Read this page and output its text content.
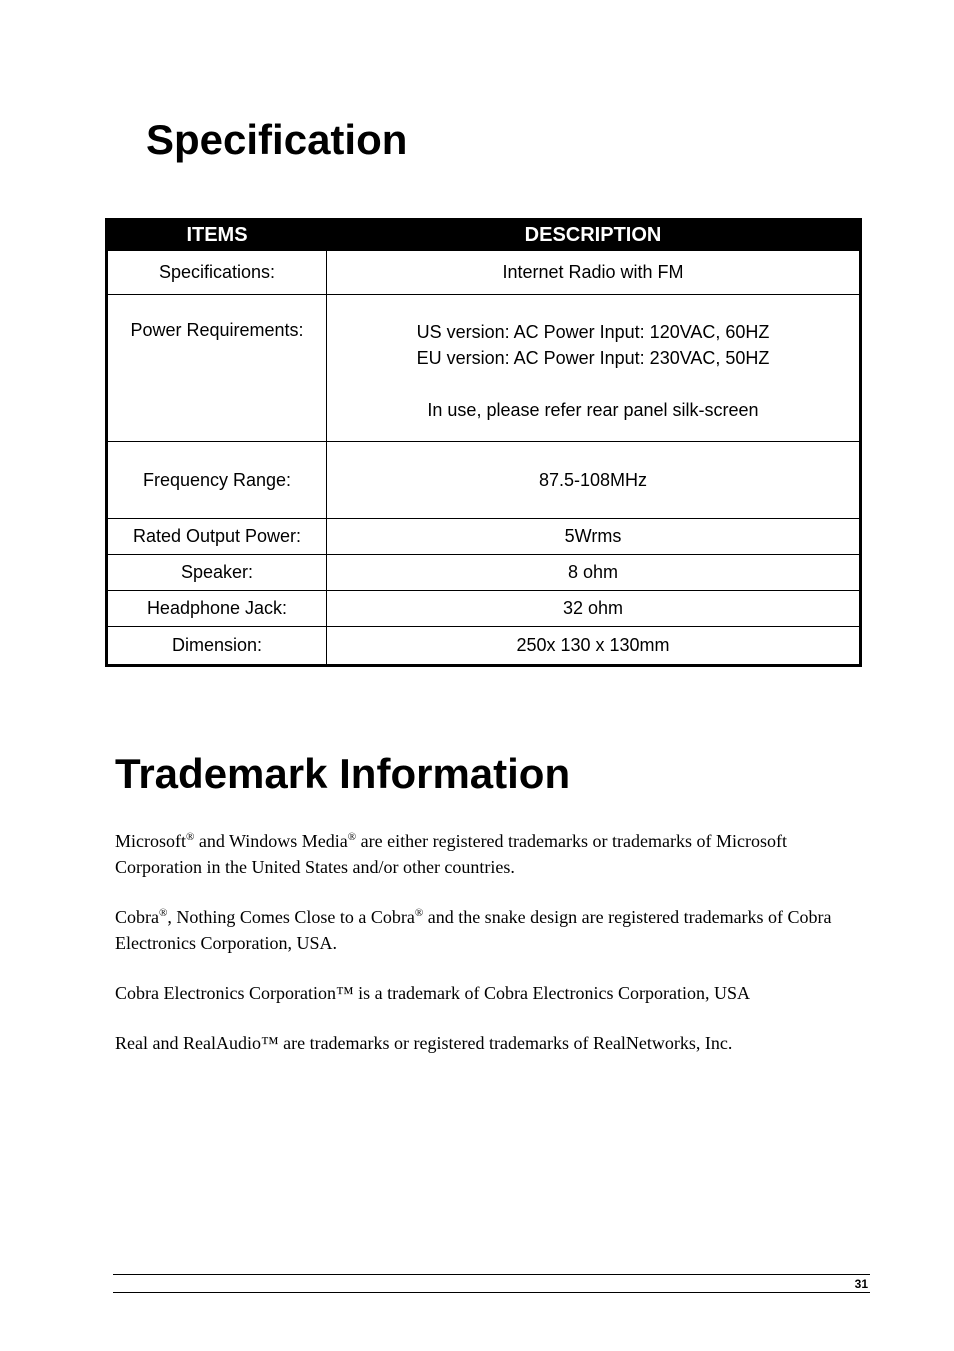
Specification
ITEMS	DESCRIPTION
Specifications:	Internet Radio with FM

Power Requirements:	US version: AC Power Input: 120VAC, 60HZ
EU version: AC Power Input: 230VAC, 50HZ
In use, please refer rear panel silk-screen

Frequency Range:	87.5-108MHz
Rated Output Power:	5Wrms
Speaker:	8 ohm
Headphone Jack:	32 ohm
Dimension:	250x 130 x 130mm
Trademark Information

Microsoft® and Windows Media® are either registered trademarks or trademarks of Microsoft Corporation in the United States and/or other countries.

Cobra®, Nothing Comes Close to a Cobra® and the snake design are registered trademarks of Cobra Electronics Corporation, USA.

Cobra Electronics Corporation™ is a trademark of Cobra Electronics Corporation, USA

Real and RealAudio™ are trademarks or registered trademarks of RealNetworks, Inc.

31
